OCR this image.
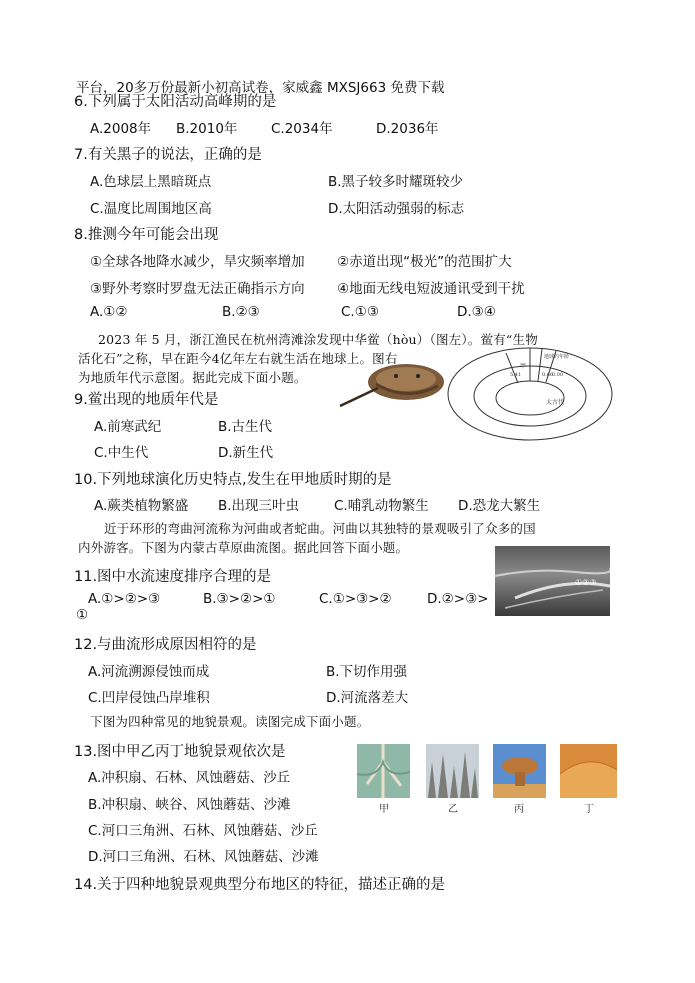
平台，20多万份最新小初高试卷，家威鑫 MXSJ663 免费下载
6.下列属于太阳活动高峰期的是
A.2008年 B.2010年 C.2034年	D.2036年
7.有关黑子的说法，正确的是
A.色球层上黑暗斑点	B.黑子较多时耀斑较少
C.温度比周围地区高	D.太阳活动强弱的标志
8.推测今年可能会出现
①全球各地降水减少，旱灾频率增加 ②赤道出现“极光”的范围扩大
③野外考察时罗盘无法正确指示方向 ④地面无线电短波通讯受到干扰
A.①②	B.②③	C.①③	D.③④
2023 年 5 月，浙江渔民在杭州湾滩涂发现中华鲎（hòu）（图左）。鲎有“生物
活化石”之称，早在距今4亿年左右就生活在地球上。图右
为地质年代示意图。据此完成下面小题。
地球的年龄
5.41	0.66
0.00
甲
太古代
9.鲎出现的地质年代是
A.前寒武纪	B.古生代
C.中生代	D.新生代
10.下列地球演化历史特点,发生在甲地质时期的是
A.蕨类植物繁盛 B.出现三叶虫	C.哺乳动物繁生 D.恐龙大繁生
近于环形的弯曲河流称为河曲或者蛇曲。河曲以其独特的景观吸引了众多的国
内外游客。下图为内蒙古草原曲流图。据此回答下面小题。
①②③
11.图中水流速度排序合理的是
A.①>②>③	B.③>②>①	C.①>③>②	D.②>③>
①
12.与曲流形成原因相符的是
A.河流溯源侵蚀而成	B.下切作用强
C.凹岸侵蚀凸岸堆积	D.河流落差大
下图为四种常见的地貌景观。读图完成下面小题。
13.图中甲乙丙丁地貌景观依次是
A.冲积扇、石林、风蚀蘑菇、沙丘
B.冲积扇、峡谷、风蚀蘑菇、沙滩
C.河口三角洲、石林、风蚀蘑菇、沙丘
D.河口三角洲、石林、风蚀蘑菇、沙滩
甲	乙	丙	丁
14.关于四种地貌景观典型分布地区的特征，描述正确的是
